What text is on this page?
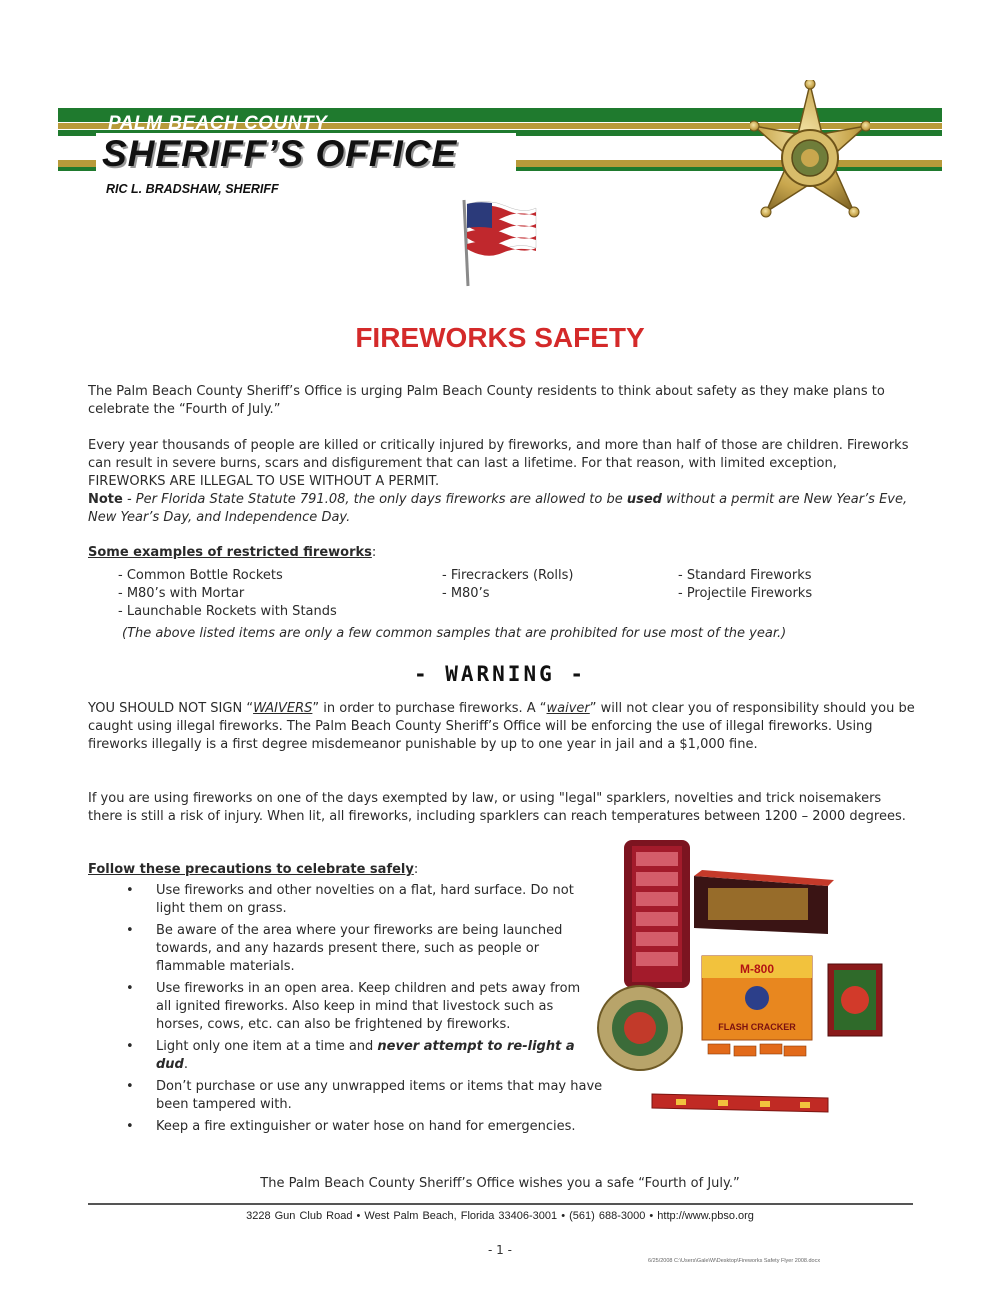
PALM BEACH COUNTY
SHERIFF’S OFFICE
RIC L. BRADSHAW, SHERIFF
FIREWORKS SAFETY
The Palm Beach County Sheriff’s Office is urging Palm Beach County residents to think about safety as they make plans to celebrate the “Fourth of July.”
Every year thousands of people are killed or critically injured by fireworks, and more than half of those are children. Fireworks can result in severe burns, scars and disfigurement that can last a lifetime. For that reason, with limited exception, FIREWORKS ARE ILLEGAL TO USE WITHOUT A PERMIT.
Note - Per Florida State Statute 791.08, the only days fireworks are allowed to be used without a permit are New Year’s Eve, New Year’s Day, and Independence Day.
Some examples of restricted fireworks:
- Common Bottle Rockets
- M80’s with Mortar
- Launchable Rockets with Stands
- Firecrackers (Rolls)
- M80’s
- Standard Fireworks
- Projectile Fireworks
(The above listed items are only a few common samples that are prohibited for use most of the year.)
- WARNING -
YOU SHOULD NOT SIGN “WAIVERS” in order to purchase fireworks. A “waiver” will not clear you of responsibility should you be caught using illegal fireworks. The Palm Beach County Sheriff’s Office will be enforcing the use of illegal fireworks. Using fireworks illegally is a first degree misdemeanor punishable by up to one year in jail and a $1,000 fine.
If you are using fireworks on one of the days exempted by law, or using "legal" sparklers, novelties and trick noisemakers there is still a risk of injury. When lit, all fireworks, including sparklers can reach temperatures between 1200 – 2000 degrees.
Follow these precautions to celebrate safely:
• Use fireworks and other novelties on a flat, hard surface. Do not light them on grass.
• Be aware of the area where your fireworks are being launched towards, and any hazards present there, such as people or flammable materials.
• Use fireworks in an open area. Keep children and pets away from all ignited fireworks. Also keep in mind that livestock such as horses, cows, etc. can also be frightened by fireworks.
• Light only one item at a time and never attempt to re-light a dud.
• Don’t purchase or use any unwrapped items or items that may have been tampered with.
• Keep a fire extinguisher or water hose on hand for emergencies.
M-800
FLASH CRACKER
The Palm Beach County Sheriff’s Office wishes you a safe “Fourth of July.”
3228 Gun Club Road • West Palm Beach, Florida 33406-3001 • (561) 688-3000 • http://www.pbso.org
- 1 -
6/25/2008 C:\Users\Gale\W\Desktop\Fireworks Safety Flyer 2008.docx
